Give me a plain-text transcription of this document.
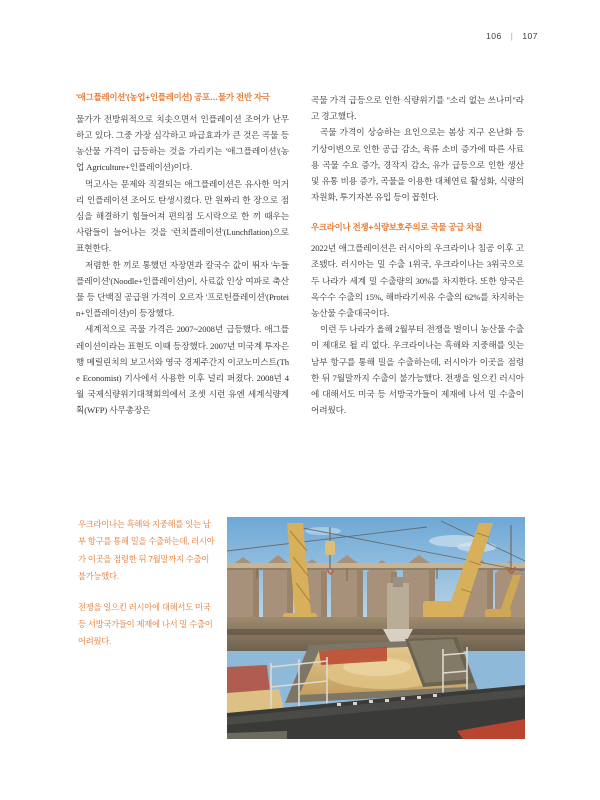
106 | 107
'애그플레이션'(농업+인플레이션) 공포…물가 전반 자극

물가가 전방위적으로 치솟으면서 인플레이션 조어가 난무하고 있다. 그중 가장 심각하고 파급효과가 큰 것은 곡물 등 농산물 가격이 급등하는 것을 가리키는 '애그플레이션'(농업 Agriculture+인플레이션)이다.

먹고사는 문제와 직결되는 애그플레이션은 유사한 먹거리 인플레이션 조어도 탄생시켰다. 만 원짜리 한 장으로 점심을 해결하기 힘들어져 편의점 도시락으로 한 끼 때우는 사람들이 늘어나는 것을 '런치플레이션'(Lunchflation)으로 표현한다.

저렴한 한 끼로 통했던 자장면과 칼국수 값이 뛰자 '누들플레이션'(Noodle+인플레이션)이, 사료값 인상 여파로 축산물 등 단백질 공급원 가격이 오르자 '프로틴플레이션'(Protein+인플레이션)이 등장했다.

세계적으로 곡물 가격은 2007~2008년 급등했다. 애그플레이션이라는 표현도 이때 등장했다. 2007년 미국계 투자은행 메릴린치의 보고서와 영국 경제주간지 이코노미스트(The Economist) 기사에서 사용한 이후 널리 퍼졌다. 2008년 4월 국제식량위기대책회의에서 조셋 시런 유엔 세계식량계획(WFP) 사무총장은

곡물 가격 급등으로 인한 식량위기를 "소리 없는 쓰나미"라고 경고했다.

곡물 가격이 상승하는 요인으로는 봄상 지구 온난화 등 기상이변으로 인한 공급 감소, 육류 소비 증가에 따른 사료용 곡물 수요 증가, 경작지 감소, 유가 급등으로 인한 생산 및 유통 비용 증가, 곡물을 이용한 대체연료 활성화, 식량의 자원화, 투기자본 유입 등이 꼽힌다.

우크라이나 전쟁+식량보호주의로 곡물 공급 차질

2022년 애그플레이션은 러시아의 우크라이나 침공 이후 고조됐다. 러시아는 밀 수출 1위국, 우크라이나는 3위국으로 두 나라가 세계 밀 수출량의 30%를 차지한다. 또한 양국은 옥수수 수출의 15%, 해바라기씨유 수출의 62%를 차지하는 농산물 수출대국이다.

이런 두 나라가 올해 2월부터 전쟁을 벌이니 농산물 수출이 제대로 될 리 없다. 우크라이나는 흑해와 지중해를 잇는 남부 항구를 통해 밀을 수출하는데, 러시아가 이곳을 점령한 뒤 7월말까지 수출이 불가능했다. 전쟁을 일으킨 러시아에 대해서도 미국 등 서방국가들이 제재에 나서 밀 수출이 어려웠다.

우크라이나는 흑해와 지중해를 잇는 남부 항구를 통해 밀을 수출하는데, 러시아가 이곳을 점령한 뒤 7월말까지 수출이 불가능했다.
전쟁을 일으킨 러시아에 대해서도 미국 등 서방국가들이 제재에 나서 밀 수출이 어려웠다.
